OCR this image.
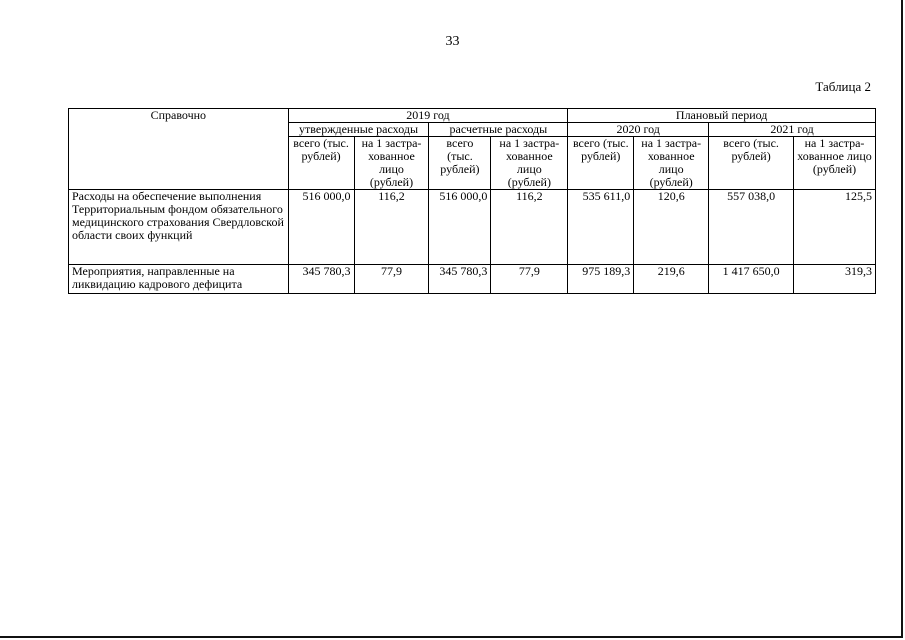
33
Таблица 2
Справочно	2019 год				Плановый период			
	утвержденные расходы		расчетные расходы		2020 год		2021 год	
	всего (тыс. рублей)	на 1 застра-хованное лицо (рублей)	всего (тыс. рублей)	на 1 застра-хованное лицо (рублей)	всего (тыс. рублей)	на 1 застра-хованное лицо (рублей)	всего (тыс. рублей)	на 1 застра-хованное лицо (рублей)
Расходы на обеспечение выполнения Территориальным фондом обязательного медицинского страхования Свердловской области своих функций	516 000,0	116,2	516 000,0	116,2	535 611,0	120,6	557 038,0	125,5
Мероприятия, направленные на ликвидацию кадрового дефицита	345 780,3	77,9	345 780,3	77,9	975 189,3	219,6	1 417 650,0	319,3
